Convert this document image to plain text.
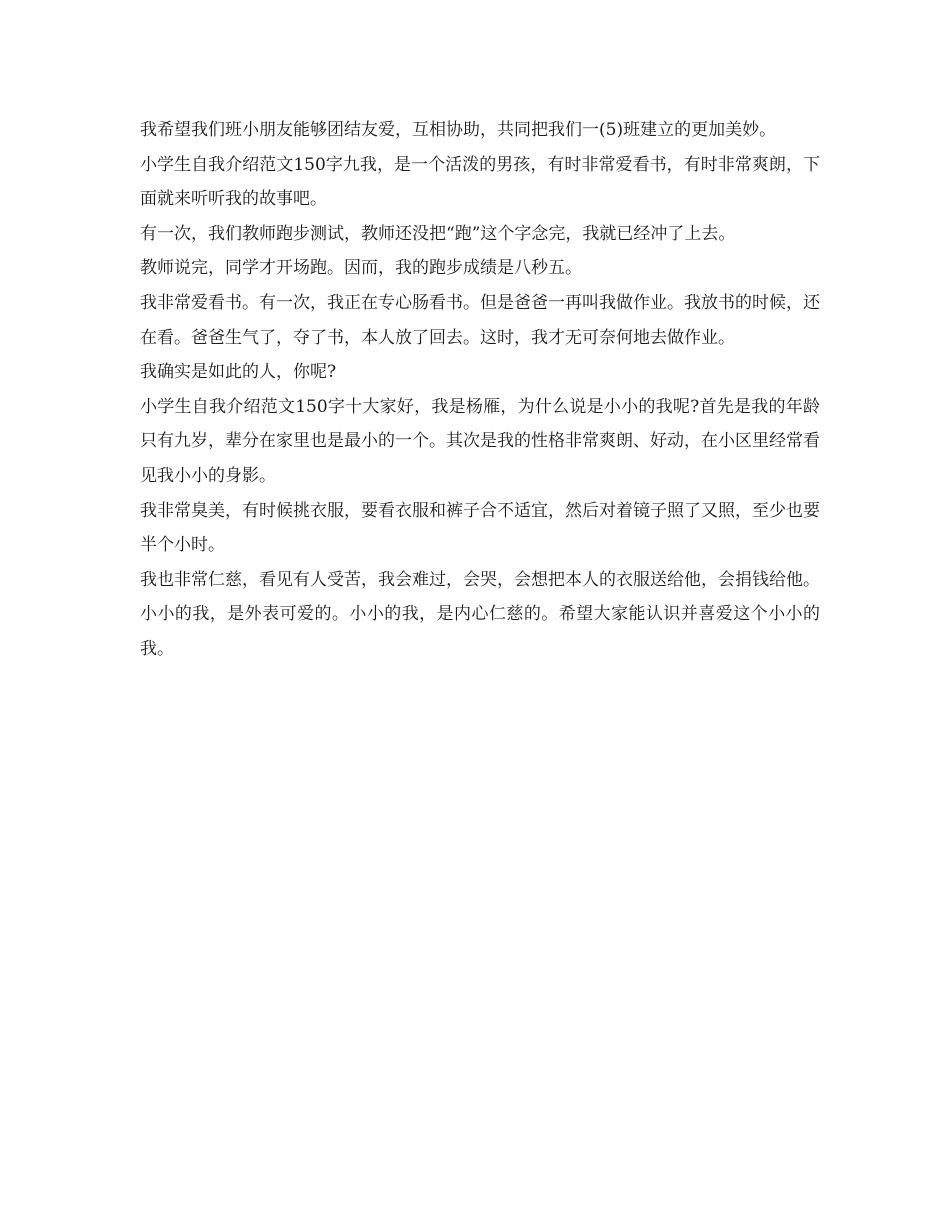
我希望我们班小朋友能够团结友爱，互相协助，共同把我们一(5)班建立的更加美妙。

小学生自我介绍范文150字九我，是一个活泼的男孩，有时非常爱看书，有时非常爽朗，下面就来听听我的故事吧。

有一次，我们教师跑步测试，教师还没把“跑”这个字念完，我就已经冲了上去。

教师说完，同学才开场跑。因而，我的跑步成绩是八秒五。

我非常爱看书。有一次，我正在专心肠看书。但是爸爸一再叫我做作业。我放书的时候，还在看。爸爸生气了，夺了书，本人放了回去。这时，我才无可奈何地去做作业。

我确实是如此的人，你呢?

小学生自我介绍范文150字十大家好，我是杨雁，为什么说是小小的我呢?首先是我的年龄只有九岁，辈分在家里也是最小的一个。其次是我的性格非常爽朗、好动，在小区里经常看见我小小的身影。

我非常臭美，有时候挑衣服，要看衣服和裤子合不适宜，然后对着镜子照了又照，至少也要半个小时。

我也非常仁慈，看见有人受苦，我会难过，会哭，会想把本人的衣服送给他，会捐钱给他。

小小的我，是外表可爱的。小小的我，是内心仁慈的。希望大家能认识并喜爱这个小小的我。
